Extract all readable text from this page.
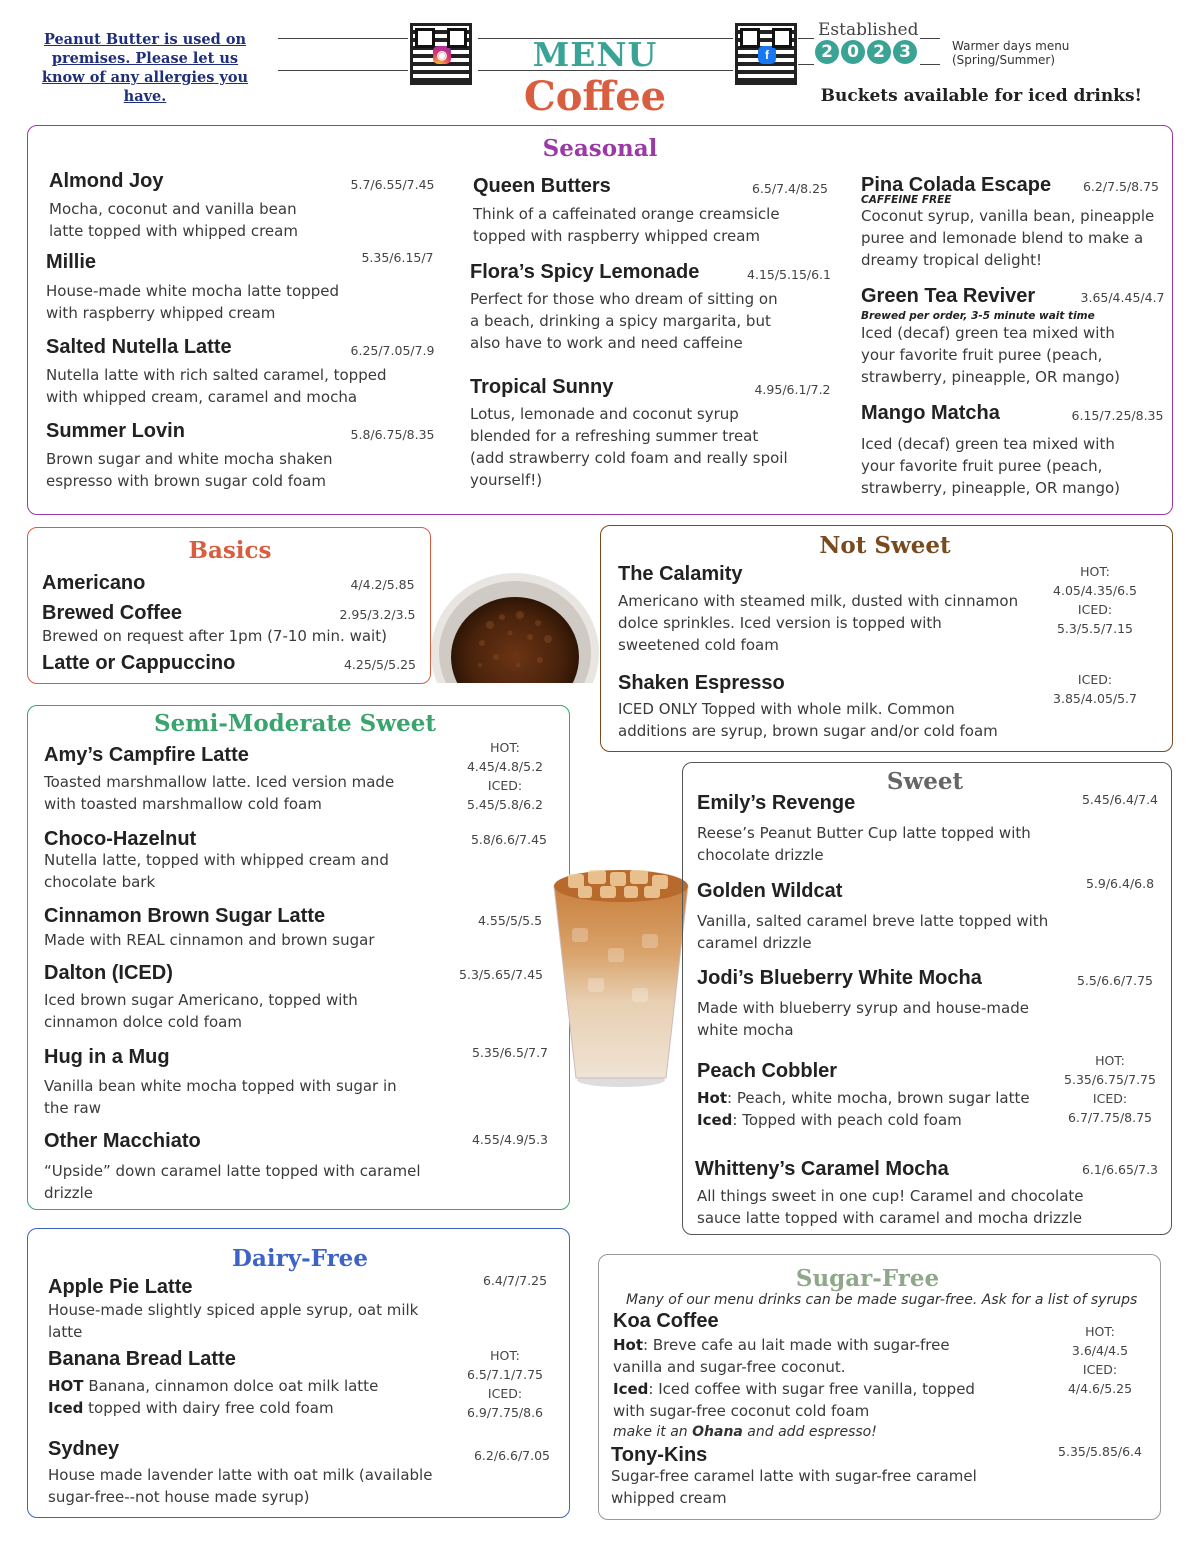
Peanut Butter is used on premises. Please let us know of any allergies you have.
◉	f
MENU
Coffee
Established
2 0 2 3	Warmer days menu
(Spring/Summer)
Buckets available for iced drinks!
Seasonal
Almond Joy	5.7/6.55/7.45
Mocha, coconut and vanilla bean latte topped with whipped cream
Millie	5.35/6.15/7
House-made white mocha latte topped with raspberry whipped cream
Salted Nutella Latte	6.25/7.05/7.9
Nutella latte with rich salted caramel, topped with whipped cream, caramel and mocha
Summer Lovin	5.8/6.75/8.35
Brown sugar and white mocha shaken espresso with brown sugar cold foam
Queen Butters	6.5/7.4/8.25
Think of a caffeinated orange creamsicle topped with raspberry whipped cream
Flora’s Spicy Lemonade	4.15/5.15/6.1
Perfect for those who dream of sitting on a beach, drinking a spicy margarita, but also have to work and need caffeine
Tropical Sunny	4.95/6.1/7.2
Lotus, lemonade and coconut syrup blended for a refreshing summer treat (add strawberry cold foam and really spoil yourself!)
Pina Colada Escape	6.2/7.5/8.75
CAFFEINE FREE
Coconut syrup, vanilla bean, pineapple puree and lemonade blend to make a dreamy tropical delight!
Green Tea Reviver	3.65/4.45/4.7
Brewed per order, 3-5 minute wait time
Iced (decaf) green tea mixed with your favorite fruit puree (peach, strawberry, pineapple, OR mango)
Mango Matcha	6.15/7.25/8.35
Iced (decaf) green tea mixed with your favorite fruit puree (peach, strawberry, pineapple, OR mango)
Basics
Americano	4/4.2/5.85
Brewed Coffee	2.95/3.2/3.5
Brewed on request after 1pm (7-10 min. wait)
Latte or Cappuccino	4.25/5/5.25
Not Sweet
The Calamity	HOT:
4.05/4.35/6.5
ICED:
5.3/5.5/7.15
Americano with steamed milk, dusted with cinnamon dolce sprinkles. Iced version is topped with sweetened cold foam
Shaken Espresso	ICED:
3.85/4.05/5.7
ICED ONLY Topped with whole milk. Common additions are syrup, brown sugar and/or cold foam
Semi-Moderate Sweet
Amy’s Campfire Latte	HOT:
4.45/4.8/5.2
ICED:
5.45/5.8/6.2
Toasted marshmallow latte. Iced version made with toasted marshmallow cold foam
Choco-Hazelnut	5.8/6.6/7.45
Nutella latte, topped with whipped cream and chocolate bark
Cinnamon Brown Sugar Latte	4.55/5/5.5
Made with REAL cinnamon and brown sugar
Dalton (ICED)	5.3/5.65/7.45
Iced brown sugar Americano, topped with cinnamon dolce cold foam
Hug in a Mug	5.35/6.5/7.7
Vanilla bean white mocha topped with sugar in the raw
Other Macchiato	4.55/4.9/5.3
“Upside” down caramel latte topped with caramel drizzle
Sweet
Emily’s Revenge	5.45/6.4/7.4
Reese’s Peanut Butter Cup latte topped with chocolate drizzle
Golden Wildcat	5.9/6.4/6.8
Vanilla, salted caramel breve latte topped with caramel drizzle
Jodi’s Blueberry White Mocha	5.5/6.6/7.75
Made with blueberry syrup and house-made white mocha
Peach Cobbler	HOT:
5.35/6.75/7.75
ICED:
6.7/7.75/8.75
Hot: Peach, white mocha, brown sugar latte
Iced: Topped with peach cold foam
Whitteny’s Caramel Mocha	6.1/6.65/7.3
All things sweet in one cup! Caramel and chocolate sauce latte topped with caramel and mocha drizzle
Dairy-Free
Apple Pie Latte	6.4/7/7.25
House-made slightly spiced apple syrup, oat milk latte
Banana Bread Latte	HOT:
6.5/7.1/7.75
ICED:
6.9/7.75/8.6
HOT Banana, cinnamon dolce oat milk latte
Iced topped with dairy free cold foam
Sydney	6.2/6.6/7.05
House made lavender latte with oat milk (available sugar-free--not house made syrup)
Sugar-Free
Many of our menu drinks can be made sugar-free. Ask for a list of syrups
Koa Coffee	HOT:
3.6/4/4.5
ICED:
4/4.6/5.25
Hot: Breve cafe au lait made with sugar-free vanilla and sugar-free coconut.
Iced: Iced coffee with sugar free vanilla, topped with sugar-free coconut cold foam
make it an Ohana and add espresso!
Tony-Kins	5.35/5.85/6.4
Sugar-free caramel latte with sugar-free caramel whipped cream
